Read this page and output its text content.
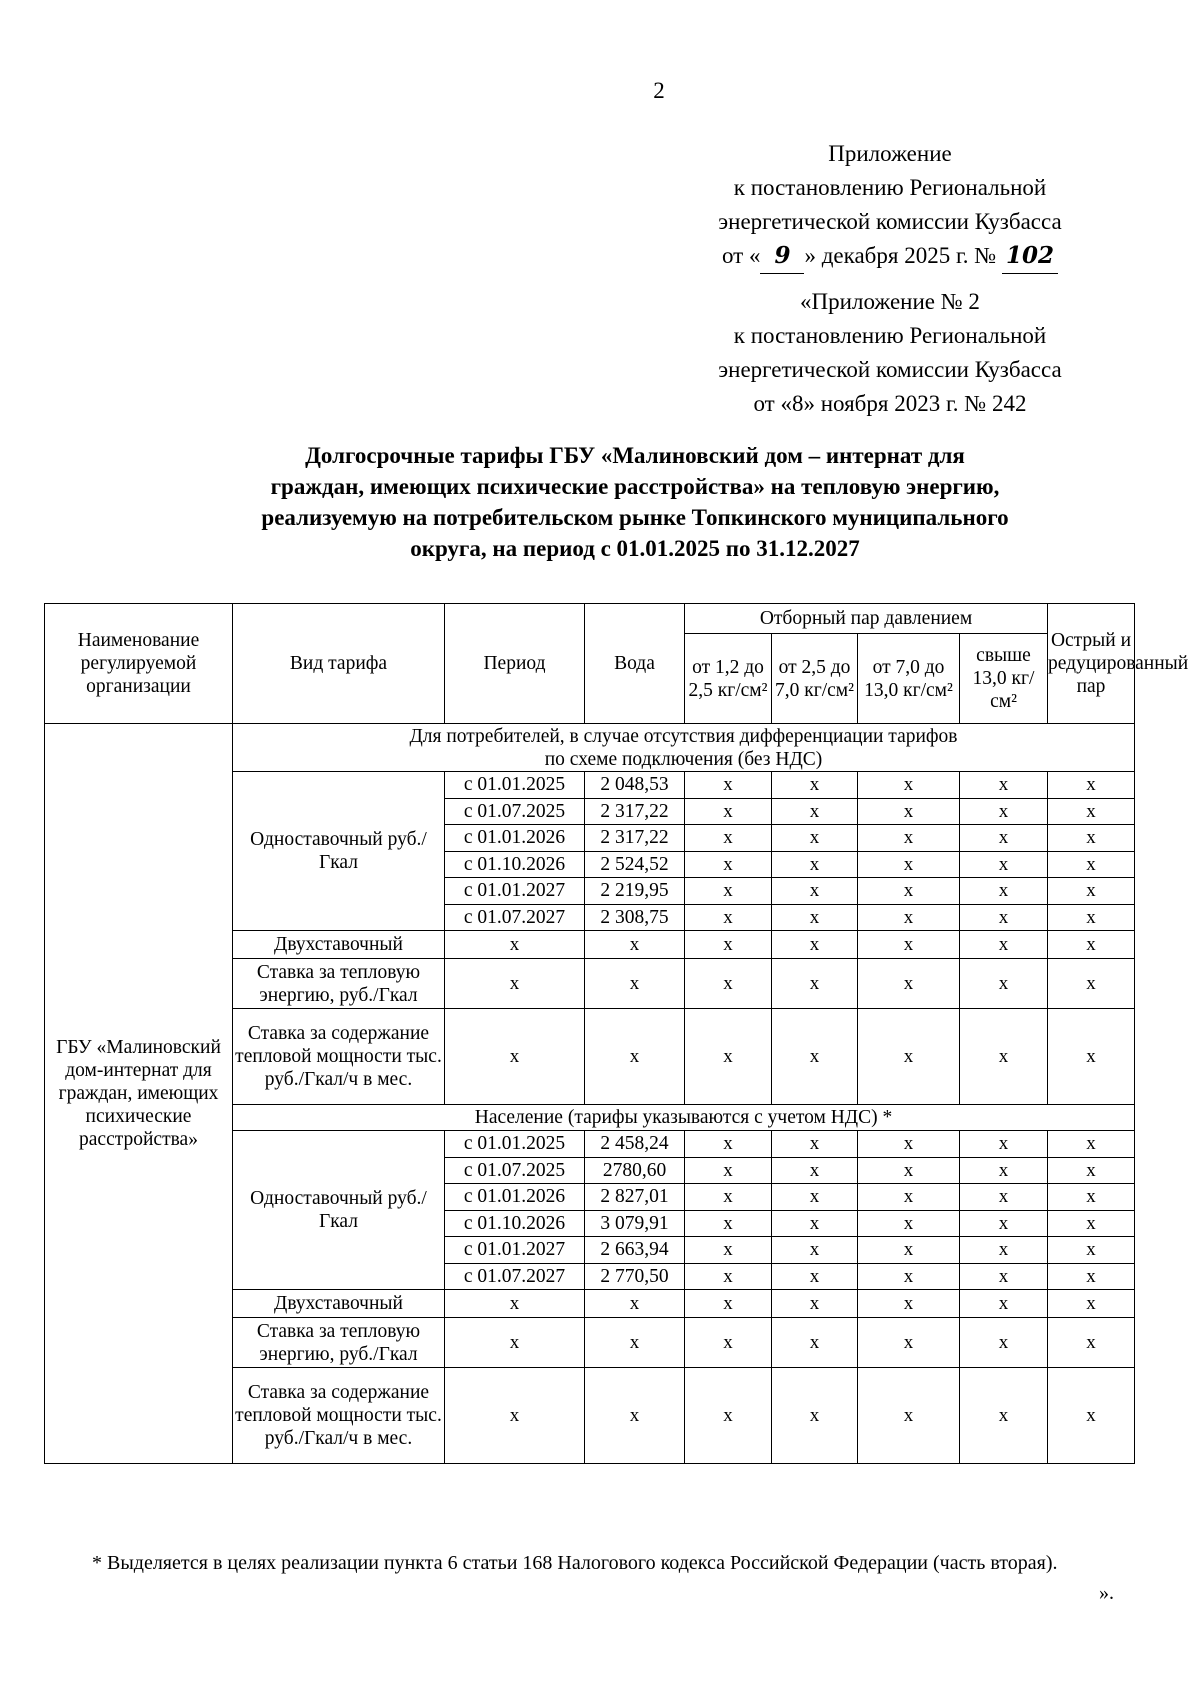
2
Приложение
к постановлению Региональной
энергетической комиссии Кузбасса
от « 9 » декабря 2025 г. № 102
«Приложение № 2
к постановлению Региональной
энергетической комиссии Кузбасса
от «8» ноября 2023 г. № 242
Долгосрочные тарифы ГБУ «Малиновский дом – интернат для
граждан, имеющих психические расстройства» на тепловую энергию,
реализуемую на потребительском рынке Топкинского муниципального
округа, на период с 01.01.2025 по 31.12.2027
Наименование регулируемой организации	Вид тарифа	Период	Вода	Отборный пар давлением				Острый и редуцированный пар
				от 1,2 до 2,5 кг/см²	от 2,5 до 7,0 кг/см²	от 7,0 до 13,0 кг/см²	свыше 13,0 кг/см²	
ГБУ «Малиновский дом-интернат для граждан, имеющих психические расстройства»	Для потребителей, в случае отсутствия дифференциации тарифов
по схеме подключения (без НДС)							

	Одноставочный руб./Гкал	с 01.01.2025	2 048,53	x	x	x	x	x
		с 01.07.2025	2 317,22	x	x	x	x	x
		с 01.01.2026	2 317,22	x	x	x	x	x
		с 01.10.2026	2 524,52	x	x	x	x	x
		с 01.01.2027	2 219,95	x	x	x	x	x
		с 01.07.2027	2 308,75	x	x	x	x	x
	Двухставочный	x	x	x	x	x	x	x
	Ставка за тепловую энергию, руб./Гкал	x	x	x	x	x	x	x
	Ставка за содержание тепловой мощности тыс. руб./Гкал/ч в мес.	x	x	x	x	x	x	x
	Население (тарифы указываются с учетом НДС) *							
	Одноставочный руб./Гкал	с 01.01.2025	2 458,24	x	x	x	x	x
		с 01.07.2025	2780,60	x	x	x	x	x
		с 01.01.2026	2 827,01	x	x	x	x	x
		с 01.10.2026	3 079,91	x	x	x	x	x
		с 01.01.2027	2 663,94	x	x	x	x	x
		с 01.07.2027	2 770,50	x	x	x	x	x
	Двухставочный	x	x	x	x	x	x	x
	Ставка за тепловую энергию, руб./Гкал	x	x	x	x	x	x	x
	Ставка за содержание тепловой мощности тыс. руб./Гкал/ч в мес.	x	x	x	x	x	x	x
* Выделяется в целях реализации пункта 6 статьи 168 Налогового кодекса Российской Федерации (часть вторая).
».
